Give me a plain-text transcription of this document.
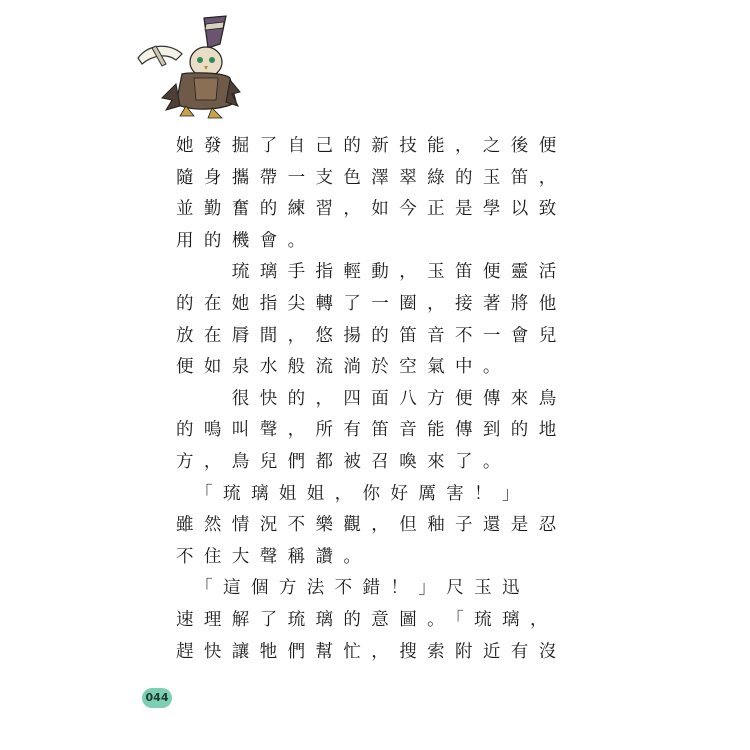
她發掘了自己的新技能，之後便
隨身攜帶一支色澤翠綠的玉笛，
並勤奮的練習，如今正是學以致
用的機會。
　　琉璃手指輕動，玉笛便靈活
的在她指尖轉了一圈，接著將他
放在脣間，悠揚的笛音不一會兒
便如泉水般流淌於空氣中。
　　很快的，四面八方便傳來鳥
的鳴叫聲，所有笛音能傳到的地
方，鳥兒們都被召喚來了。
　「琉璃姐姐，你好厲害！」
雖然情況不樂觀，但釉子還是忍
不住大聲稱讚。
　「這個方法不錯！」尺玉迅
速理解了琉璃的意圖。「琉璃，
趕快讓牠們幫忙，搜索附近有沒
044
